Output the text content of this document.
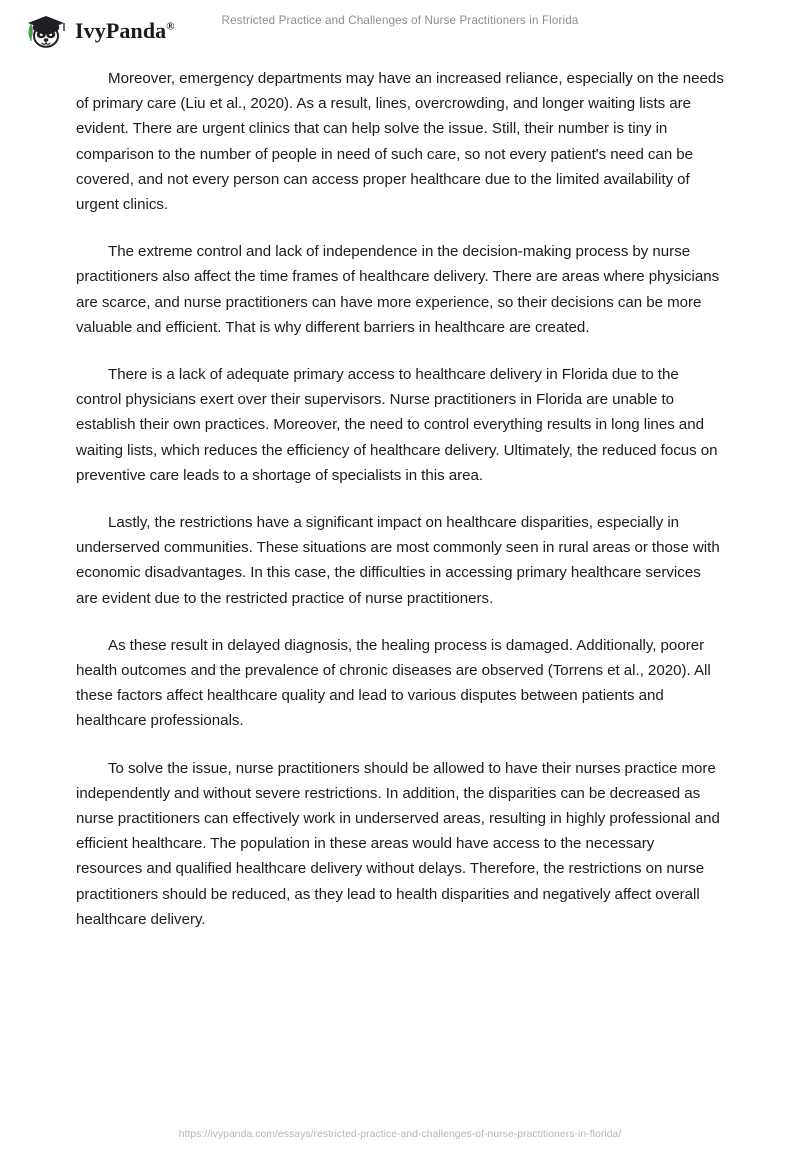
IvyPanda®	Restricted Practice and Challenges of Nurse Practitioners in Florida

Moreover, emergency departments may have an increased reliance, especially on the needs of primary care (Liu et al., 2020). As a result, lines, overcrowding, and longer waiting lists are evident. There are urgent clinics that can help solve the issue. Still, their number is tiny in comparison to the number of people in need of such care, so not every patient's need can be covered, and not every person can access proper healthcare due to the limited availability of urgent clinics.

The extreme control and lack of independence in the decision-making process by nurse practitioners also affect the time frames of healthcare delivery. There are areas where physicians are scarce, and nurse practitioners can have more experience, so their decisions can be more valuable and efficient. That is why different barriers in healthcare are created.

There is a lack of adequate primary access to healthcare delivery in Florida due to the control physicians exert over their supervisors. Nurse practitioners in Florida are unable to establish their own practices. Moreover, the need to control everything results in long lines and waiting lists, which reduces the efficiency of healthcare delivery. Ultimately, the reduced focus on preventive care leads to a shortage of specialists in this area.

Lastly, the restrictions have a significant impact on healthcare disparities, especially in underserved communities. These situations are most commonly seen in rural areas or those with economic disadvantages. In this case, the difficulties in accessing primary healthcare services are evident due to the restricted practice of nurse practitioners.

As these result in delayed diagnosis, the healing process is damaged. Additionally, poorer health outcomes and the prevalence of chronic diseases are observed (Torrens et al., 2020). All these factors affect healthcare quality and lead to various disputes between patients and healthcare professionals.

To solve the issue, nurse practitioners should be allowed to have their nurses practice more independently and without severe restrictions. In addition, the disparities can be decreased as nurse practitioners can effectively work in underserved areas, resulting in highly professional and efficient healthcare. The population in these areas would have access to the necessary resources and qualified healthcare delivery without delays. Therefore, the restrictions on nurse practitioners should be reduced, as they lead to health disparities and negatively affect overall healthcare delivery.

https://ivypanda.com/essays/restricted-practice-and-challenges-of-nurse-practitioners-in-florida/
